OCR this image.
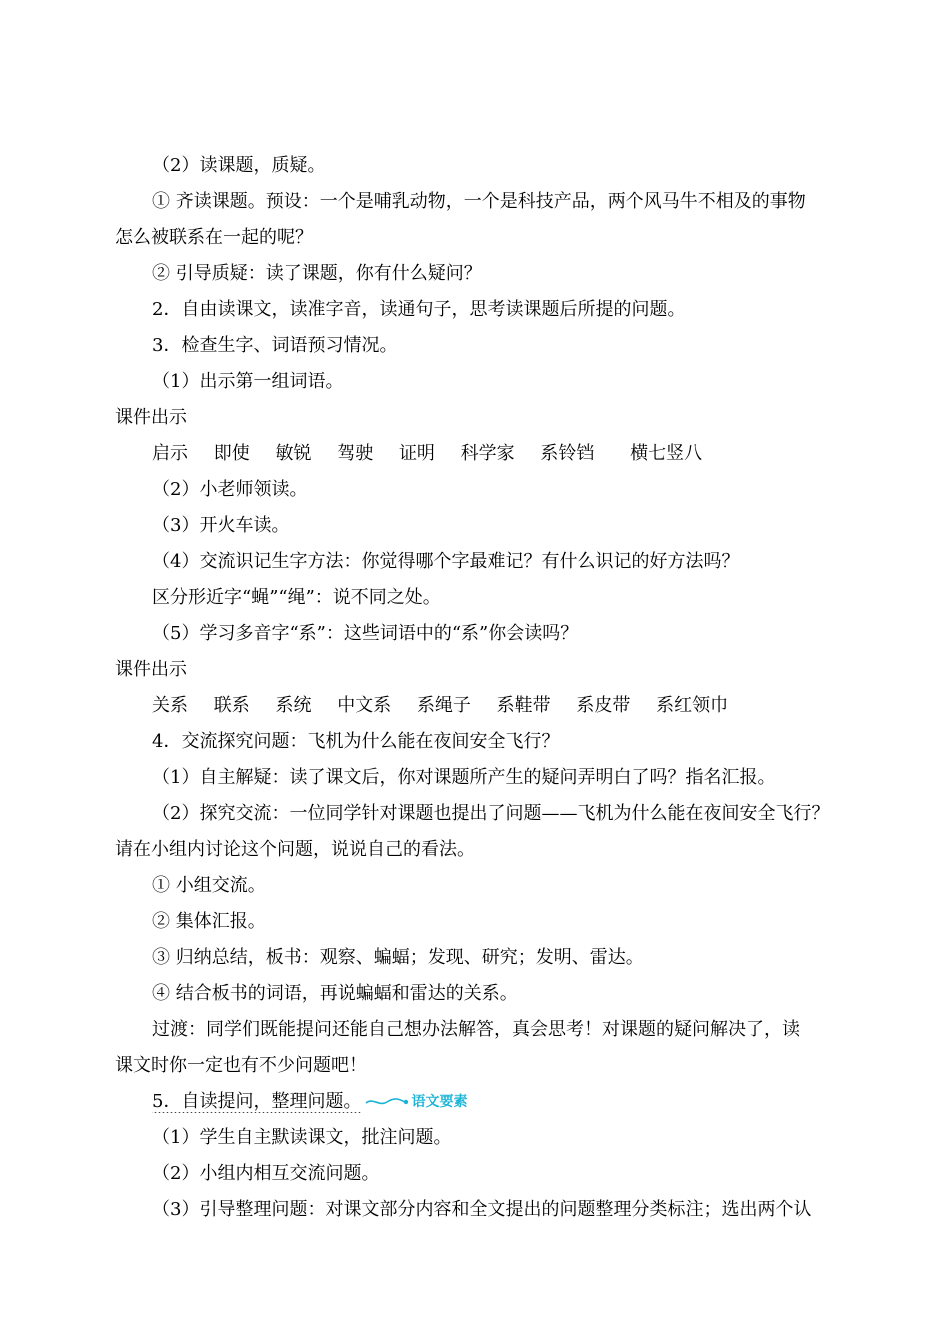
（2）读课题，质疑。
① 齐读课题。预设：一个是哺乳动物，一个是科技产品，两个风马牛不相及的事物
怎么被联系在一起的呢？
② 引导质疑：读了课题，你有什么疑问？
2．自由读课文，读准字音，读通句子，思考读课题后所提的问题。
3．检查生字、词语预习情况。
（1）出示第一组词语。
课件出示
启示 即使 敏锐 驾驶 证明 科学家 系铃铛 横七竖八
（2）小老师领读。
（3）开火车读。
（4）交流识记生字方法：你觉得哪个字最难记？有什么识记的好方法吗？
区分形近字“蝇”“绳”：说不同之处。
（5）学习多音字“系”：这些词语中的“系”你会读吗？
课件出示
关系 联系 系统 中文系 系绳子 系鞋带 系皮带 系红领巾
4．交流探究问题：飞机为什么能在夜间安全飞行？
（1）自主解疑：读了课文后，你对课题所产生的疑问弄明白了吗？指名汇报。
（2）探究交流：一位同学针对课题也提出了问题——飞机为什么能在夜间安全飞行？
请在小组内讨论这个问题，说说自己的看法。
① 小组交流。
② 集体汇报。
③ 归纳总结，板书：观察、蝙蝠；发现、研究；发明、雷达。
④ 结合板书的词语，再说蝙蝠和雷达的关系。
过渡：同学们既能提问还能自己想办法解答，真会思考！对课题的疑问解决了，读
课文时你一定也有不少问题吧！
5．自读提问，整理问题。	语文要素
（1）学生自主默读课文，批注问题。
（2）小组内相互交流问题。
（3）引导整理问题：对课文部分内容和全文提出的问题整理分类标注；选出两个认
